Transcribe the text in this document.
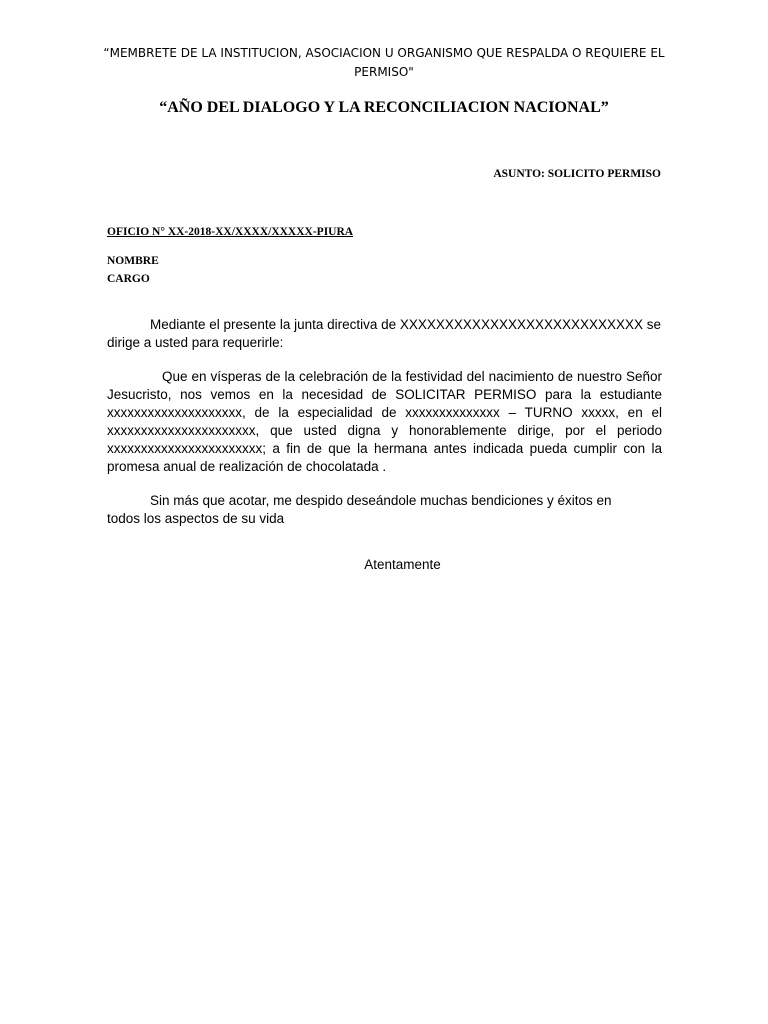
“MEMBRETE DE LA INSTITUCION, ASOCIACION U ORGANISMO QUE RESPALDA O REQUIERE EL PERMISO"

“AÑO DEL DIALOGO Y LA RECONCILIACION NACIONAL”

ASUNTO: SOLICITO PERMISO

OFICIO N° XX-2018-XX/XXXX/XXXXX-PIURA

NOMBRE
CARGO

Mediante el presente la junta directiva de XXXXXXXXXXXXXXXXXXXXXXXXXXX se dirige a usted para requerirle:

Que en vísperas de la celebración de la festividad del nacimiento de nuestro Señor Jesucristo, nos vemos en la necesidad de SOLICITAR PERMISO para la estudiante xxxxxxxxxxxxxxxxxxxx, de la especialidad de xxxxxxxxxxxxxx – TURNO xxxxx, en el xxxxxxxxxxxxxxxxxxxxxx, que usted digna y honorablemente dirige, por el periodo xxxxxxxxxxxxxxxxxxxxxxx; a fin de que la hermana antes indicada pueda cumplir con la promesa anual de realización de chocolatada .

Sin más que acotar, me despido deseándole muchas bendiciones y éxitos en todos los aspectos de su vida

Atentamente
